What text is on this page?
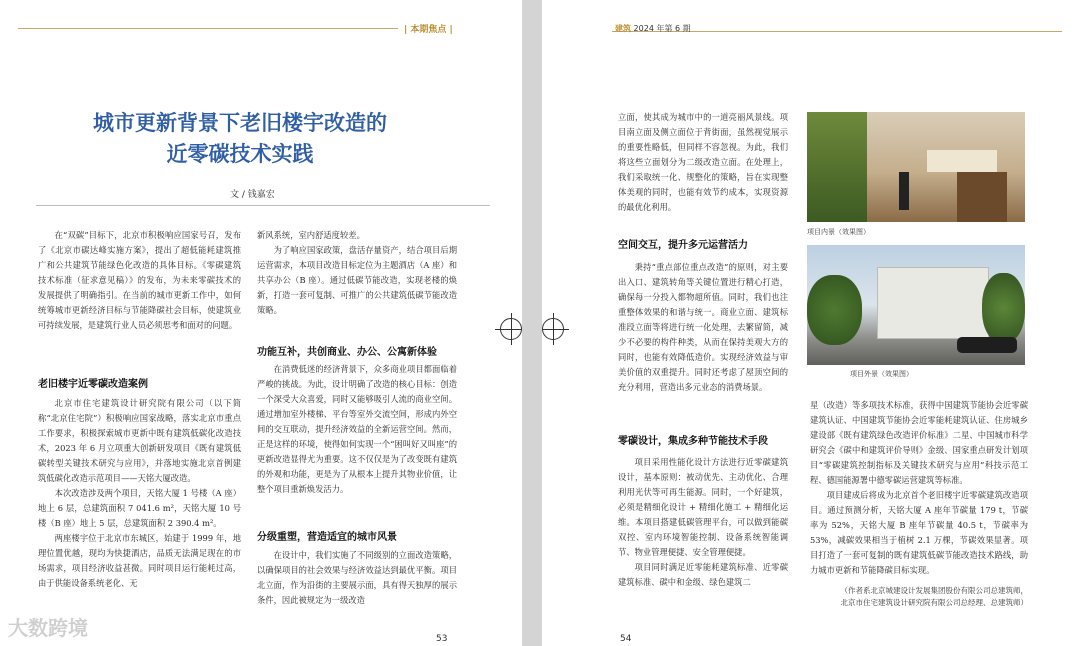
| 本期焦点 |
城市更新背景下老旧楼宇改造的
近零碳技术实践
文 / 钱嘉宏

在“双碳”目标下，北京市积极响应国家号召，发布了《北京市碳达峰实施方案》，提出了超低能耗建筑推广和公共建筑节能绿色化改造的具体目标。《零碳建筑技术标准（征求意见稿）》的发布，为未来零碳技术的发展提供了明确指引。在当前的城市更新工作中，如何统筹城市更新经济目标与节能降碳社会目标，使建筑业可持续发展，是建筑行业人员必须思考和面对的问题。

老旧楼宇近零碳改造案例

北京市住宅建筑设计研究院有限公司（以下简称“北京住宅院”）积极响应国家战略，落实北京市重点工作要求，积极探索城市更新中既有建筑低碳化改造技术，2023 年 6 月立项重大创新研发项目《既有建筑低碳转型关键技术研究与应用》，并落地实施北京首例建筑低碳化改造示范项目——天铭大厦改造。

本次改造涉及两个项目，天铭大厦 1 号楼（A 座）地上 6 层，总建筑面积 7 041.6 m²，天铭大厦 10 号楼（B 座）地上 5 层，总建筑面积 2 390.4 m²。

两座楼宇位于北京市东城区，始建于 1999 年，地理位置优越，现均为快捷酒店，品质无法满足现在的市场需求，项目经济收益甚微。同时项目运行能耗过高，由于供能设备系统老化、无

新风系统，室内舒适度较差。

为了响应国家政策，盘活存量资产，结合项目后期运营需求，本项目改造目标定位为主题酒店（A 座）和共享办公（B 座）。通过低碳节能改造，实现老楼的焕新，打造一套可复制、可推广的公共建筑低碳节能改造策略。

功能互补，共创商业、办公、公寓新体验

在消费低迷的经济背景下，众多商业项目都面临着严峻的挑战。为此，设计明确了改造的核心目标：创造一个深受大众喜爱，同时又能够吸引人流的商业空间。通过增加室外楼梯、平台等室外交流空间，形成内外空间的交互联动，提升经济效益的全新运营空间。然而，正是这样的环境，使得如何实现一个“困叫好又叫座”的更新改造显得尤为重要。这不仅仅是为了改变既有建筑的外观和功能，更是为了从根本上提升其物业价值，让整个项目重新焕发活力。

分级重塑，营造适宜的城市风景

在设计中，我们实施了不同级别的立面改造策略，以确保项目的社会效果与经济效益达到最优平衡。项目北立面，作为沿街的主要展示面，具有得天独厚的展示条件，因此被规定为一级改造

53
大数跨境
建筑 2024 年第 6 期

立面，使其成为城市中的一道亮丽风景线。项目南立面及侧立面位于背街面，虽然视觉展示的重要性略低，但同样不容忽视。为此，我们将这些立面划分为二级改造立面。在处理上，我们采取统一化、规整化的策略，旨在实现整体美观的同时，也能有效节约成本，实现资源的最优化利用。

空间交互，提升多元运营活力

秉持“重点部位重点改造”的原则，对主要出入口、建筑转角等关键位置进行精心打造，确保每一分投入都物超所值。同时，我们也注重整体效果的和谐与统一。商业立面、建筑标准段立面等将进行统一化处理，去繁留简，减少不必要的构件种类，从而在保持美观大方的同时，也能有效降低造价。实现经济效益与审美价值的双重提升。同时还考虑了屋顶空间的充分利用，营造出多元业态的消费场景。

零碳设计，集成多种节能技术手段

项目采用性能化设计方法进行近零碳建筑设计，基本原则：被动优先、主动优化、合理利用光伏等可再生能源。同时，一个好建筑，必须是精细化设计 + 精细化施工 + 精细化运维。本项目搭建低碳管理平台，可以做到能碳双控、室内环境智能控制、设备系统智能调节、物业管理便捷、安全管理便捷。

项目同时满足近零能耗建筑标准、近零碳建筑标准、碳中和金级、绿色建筑二

项目内景（效果图）
项目外景（效果图）

星（改造）等多项技术标准，获得中国建筑节能协会近零碳建筑认证、中国建筑节能协会近零能耗建筑认证、住房城乡建设部《既有建筑绿色改造评价标准》二星、中国城市科学研究会《碳中和建筑评价导则》金级、国家重点研发计划项目“零碳建筑控制指标及关键技术研究与应用”科技示范工程、德国能源署中德零碳运营建筑等标准。

项目建成后将成为北京首个老旧楼宇近零碳建筑改造项目。通过预测分析，天铭大厦 A 座年节碳量 179 t，节碳率为 52%，天铭大厦 B 座年节碳量 40.5 t，节碳率为 53%，减碳效果相当于植树 2.1 万棵，节碳效果显著。项目打造了一套可复制的既有建筑低碳节能改造技术路线，助力城市更新和节能降碳目标实现。

（作者系北京城建设计发展集团股份有限公司总建筑师，
北京市住宅建筑设计研究院有限公司总经理、总建筑师）
54
